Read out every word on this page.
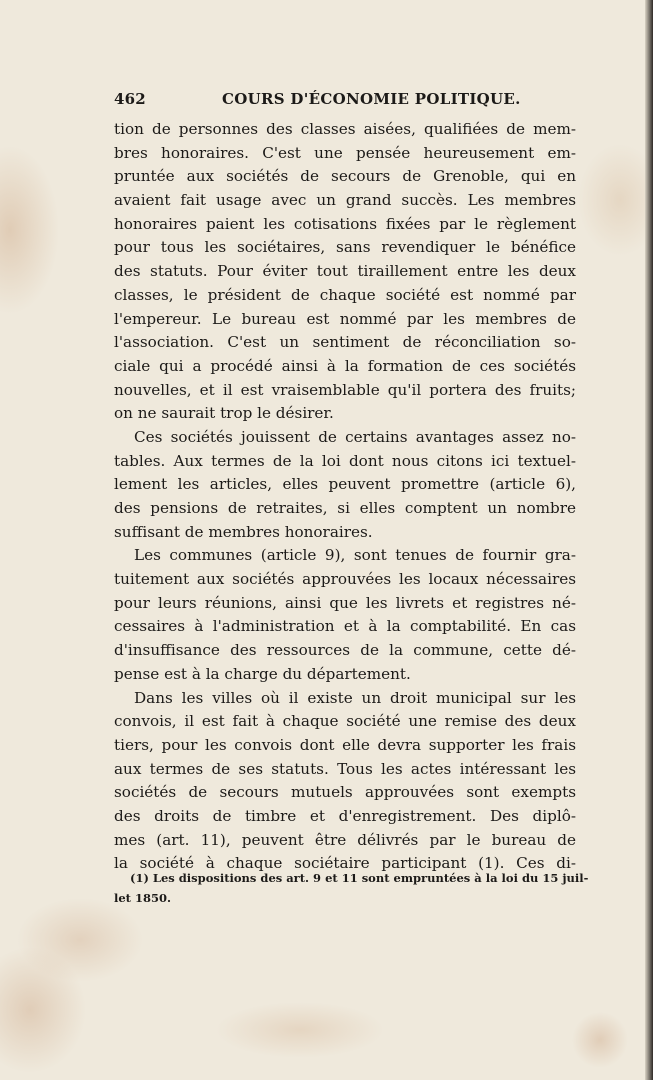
462	COURS D'ÉCONOMIE POLITIQUE.
tion de personnes des classes aisées, qualifiées de mem-
bres honoraires. C'est une pensée heureusement em-
pruntée aux sociétés de secours de Grenoble, qui en
avaient fait usage avec un grand succès. Les membres
honoraires paient les cotisations fixées par le règlement
pour tous les sociétaires, sans revendiquer le bénéfice
des statuts. Pour éviter tout tiraillement entre les deux
classes, le président de chaque société est nommé par
l'empereur. Le bureau est nommé par les membres de
l'association. C'est un sentiment de réconciliation so-
ciale qui a procédé ainsi à la formation de ces sociétés
nouvelles, et il est vraisemblable qu'il portera des fruits;
on ne saurait trop le désirer.
Ces sociétés jouissent de certains avantages assez no-
tables. Aux termes de la loi dont nous citons ici textuel-
lement les articles, elles peuvent promettre (article 6),
des pensions de retraites, si elles comptent un nombre
suffisant de membres honoraires.
Les communes (article 9), sont tenues de fournir gra-
tuitement aux sociétés approuvées les locaux nécessaires
pour leurs réunions, ainsi que les livrets et registres né-
cessaires à l'administration et à la comptabilité. En cas
d'insuffisance des ressources de la commune, cette dé-
pense est à la charge du département.
Dans les villes où il existe un droit municipal sur les
convois, il est fait à chaque société une remise des deux
tiers, pour les convois dont elle devra supporter les frais
aux termes de ses statuts. Tous les actes intéressant les
sociétés de secours mutuels approuvées sont exempts
des droits de timbre et d'enregistrement. Des diplô-
mes (art. 11), peuvent être délivrés par le bureau de
la société à chaque sociétaire participant (1). Ces di-
(1) Les dispositions des art. 9 et 11 sont empruntées à la loi du 15 juil-
let 1850.
